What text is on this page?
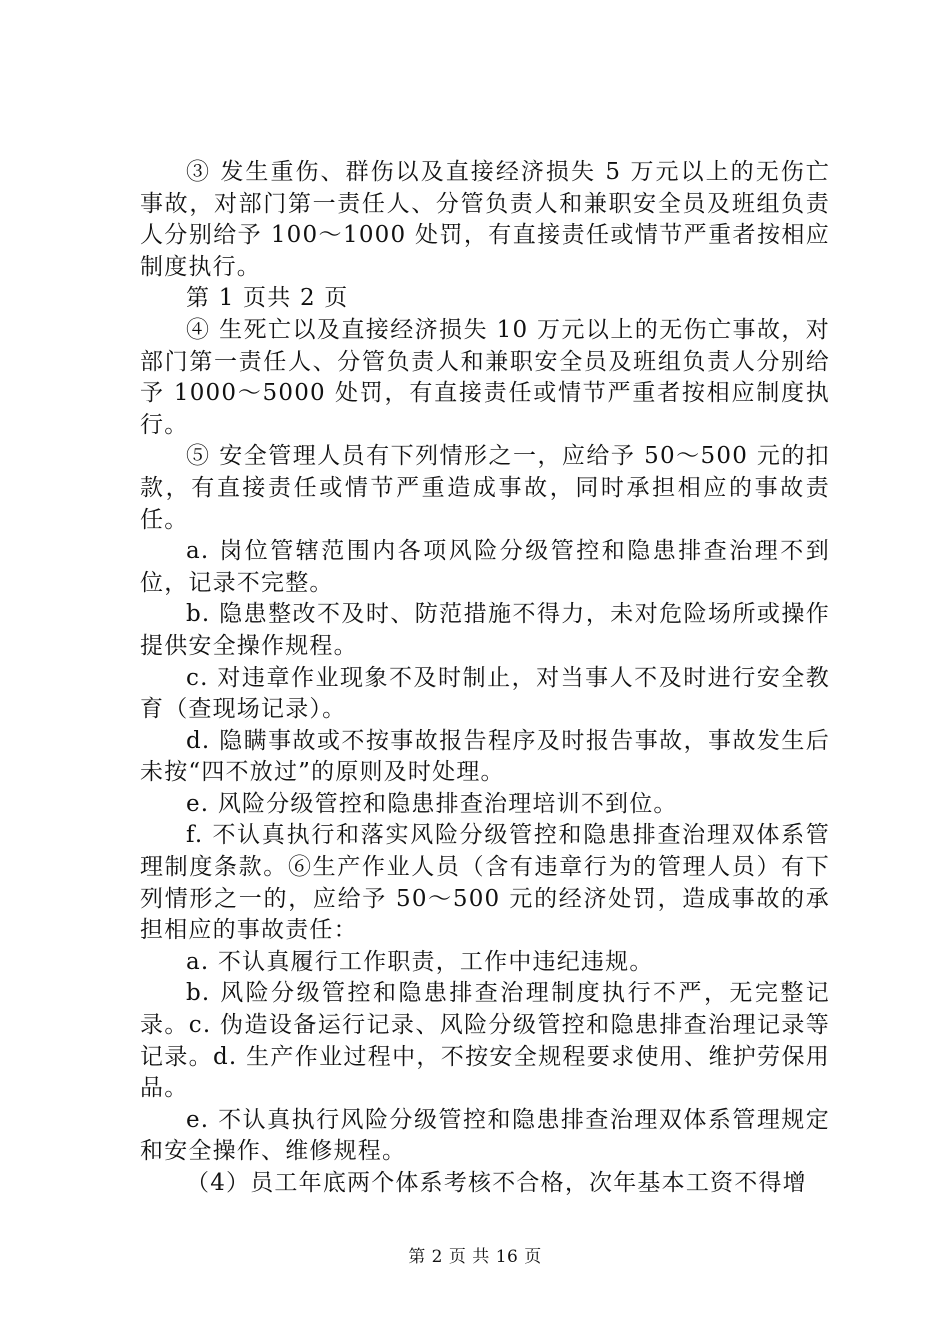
③ 发生重伤、群伤以及直接经济损失 5 万元以上的无伤亡事故，对部门第一责任人、分管负责人和兼职安全员及班组负责人分别给予 100～1000 处罚，有直接责任或情节严重者按相应制度执行。

第 1 页共 2 页

④ 生死亡以及直接经济损失 10 万元以上的无伤亡事故，对部门第一责任人、分管负责人和兼职安全员及班组负责人分别给予 1000～5000 处罚，有直接责任或情节严重者按相应制度执行。

⑤ 安全管理人员有下列情形之一，应给予 50～500 元的扣款，有直接责任或情节严重造成事故，同时承担相应的事故责任。

a. 岗位管辖范围内各项风险分级管控和隐患排查治理不到位，记录不完整。

b. 隐患整改不及时、防范措施不得力，未对危险场所或操作提供安全操作规程。

c. 对违章作业现象不及时制止，对当事人不及时进行安全教育（查现场记录）。

d. 隐瞒事故或不按事故报告程序及时报告事故，事故发生后未按“四不放过”的原则及时处理。

e. 风险分级管控和隐患排查治理培训不到位。

f. 不认真执行和落实风险分级管控和隐患排查治理双体系管理制度条款。⑥生产作业人员（含有违章行为的管理人员）有下列情形之一的，应给予 50～500 元的经济处罚，造成事故的承担相应的事故责任：

a. 不认真履行工作职责，工作中违纪违规。

b. 风险分级管控和隐患排查治理制度执行不严，无完整记录。c. 伪造设备运行记录、风险分级管控和隐患排查治理记录等记录。d. 生产作业过程中，不按安全规程要求使用、维护劳保用品。

e. 不认真执行风险分级管控和隐患排查治理双体系管理规定和安全操作、维修规程。

（4）员工年底两个体系考核不合格，次年基本工资不得增

第 2 页 共 16 页
